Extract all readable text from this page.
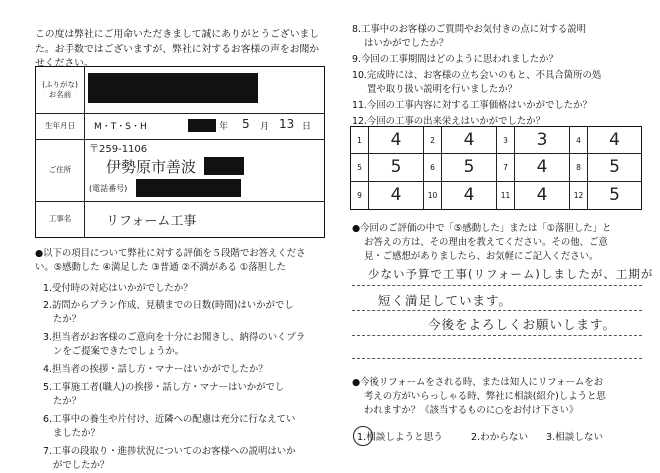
この度は弊社にご用命いただきまして誠にありがとうございまし
た。お手数ではございますが、弊社に対するお客様の声をお聞か
せください。
(ふりがな)
お名前
生年月日	M・T・S・H	年 5 月 13 日
ご住所
〒259-1106
伊勢原市善波
(電話番号)
工事名	リフォーム工事
●以下の項目について弊社に対する評価を５段階でお答えくださ
い。⑤感動した ④満足した ③普通 ②不満がある ①落胆した
1.受付時の対応はいかがでしたか？
2.訪問からプラン作成、見積までの日数(時間)はいかがでし
たか？
3.担当者がお客様のご意向を十分にお聞きし、納得のいくプラ
ンをご提案できたでしょうか。
4.担当者の挨拶・話し方・マナーはいかがでしたか？
5.工事施工者(職人)の挨拶・話し方・マナーはいかがでし
たか？
6.工事中の養生や片付け、近隣への配慮は充分に行なえてい
ましたか？
7.工事の段取り・進捗状況についてのお客様への説明はいか
がでしたか？
8.工事中のお客様のご質問やお気付きの点に対する説明
はいかがでしたか？
9.今回の工事期間はどのように思われましたか？
10.完成時には、お客様の立ち会いのもと、不具合箇所の処
置や取り扱い説明を行いましたか？
11.今回の工事内容に対する工事価格はいかがでしたか？
12.今回の工事の出来栄えはいかがでしたか？
1	4	2	4	3	3	4	4
5	5	6	5	7	4	8	5
9	4	10	4	11	4	12	5
●今回のご評価の中で「⑤感動した」または「①落胆した」と
お答えの方は、その理由を教えてください。その他、ご意
見・ご感想がありましたら、お気軽にご記入ください。
少ない予算で工事(リフォーム)しましたが、工期が
短く満足しています。
今後をよろしくお願いします。
●今後リフォームをされる時、または知人にリフォームをお
考えの方がいらっしゃる時、弊社に相談(紹介)しようと思
われますか？《該当するものに○をお付け下さい》
1.相談しようと思う	2.わからない 3.相談しない
